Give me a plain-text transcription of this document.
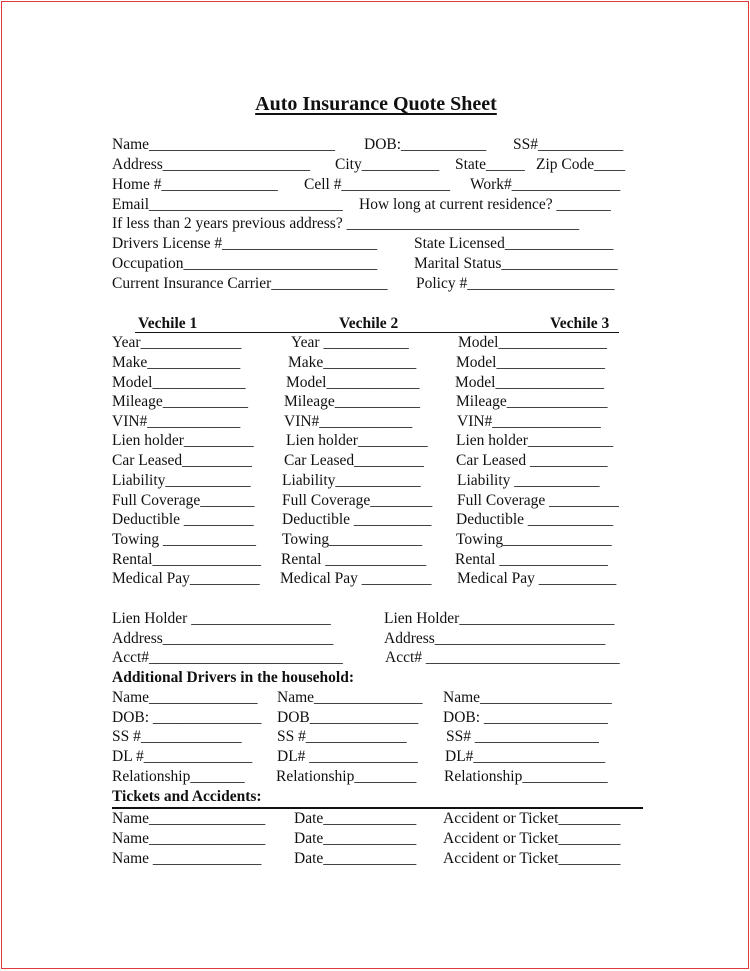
Auto Insurance Quote Sheet
Name________________________ DOB:___________ SS#___________
Address___________________ City__________ State_____ Zip Code____
Home #_______________ Cell #______________ Work#______________
Email_________________________ How long at current residence? _______
If less than 2 years previous address? ______________________________
Drivers License #____________________ State Licensed______________
Occupation_________________________ Marital Status_______________
Current Insurance Carrier_______________ Policy #___________________
Vechile 1	Vechile 2	Vechile 3
Year_____________
Make____________
Model____________
Mileage___________
VIN#____________
Lien holder_________
Car Leased_________
Liability___________
Full Coverage_______
Deductible _________
Towing ____________
Rental______________
Medical Pay_________
Year ___________
Make____________
Model____________
Mileage___________
VIN#____________
Lien holder_________
Car Leased_________
Liability___________
Full Coverage________
Deductible __________
Towing____________
Rental _____________
Medical Pay _________
Model______________
Model______________
Model______________
Mileage_____________
VIN#______________
Lien holder___________
Car Leased __________
Liability ___________
Full Coverage _________
Deductible ___________
Towing______________
Rental ______________
Medical Pay __________
Lien Holder __________________
Address______________________
Acct#_________________________
Lien Holder____________________
Address______________________
Acct# _________________________
Additional Drivers in the household:
Name______________
DOB: ______________
SS #_____________
DL #______________
Relationship_______
Name______________
DOB______________
SS #_____________
DL# ______________
Relationship________
Name_________________
DOB: ________________
SS# ________________
DL#_________________
Relationship___________
Tickets and Accidents:
Name_______________ Date____________ Accident or Ticket________
Name_______________ Date____________ Accident or Ticket________
Name ______________ Date____________ Accident or Ticket________
